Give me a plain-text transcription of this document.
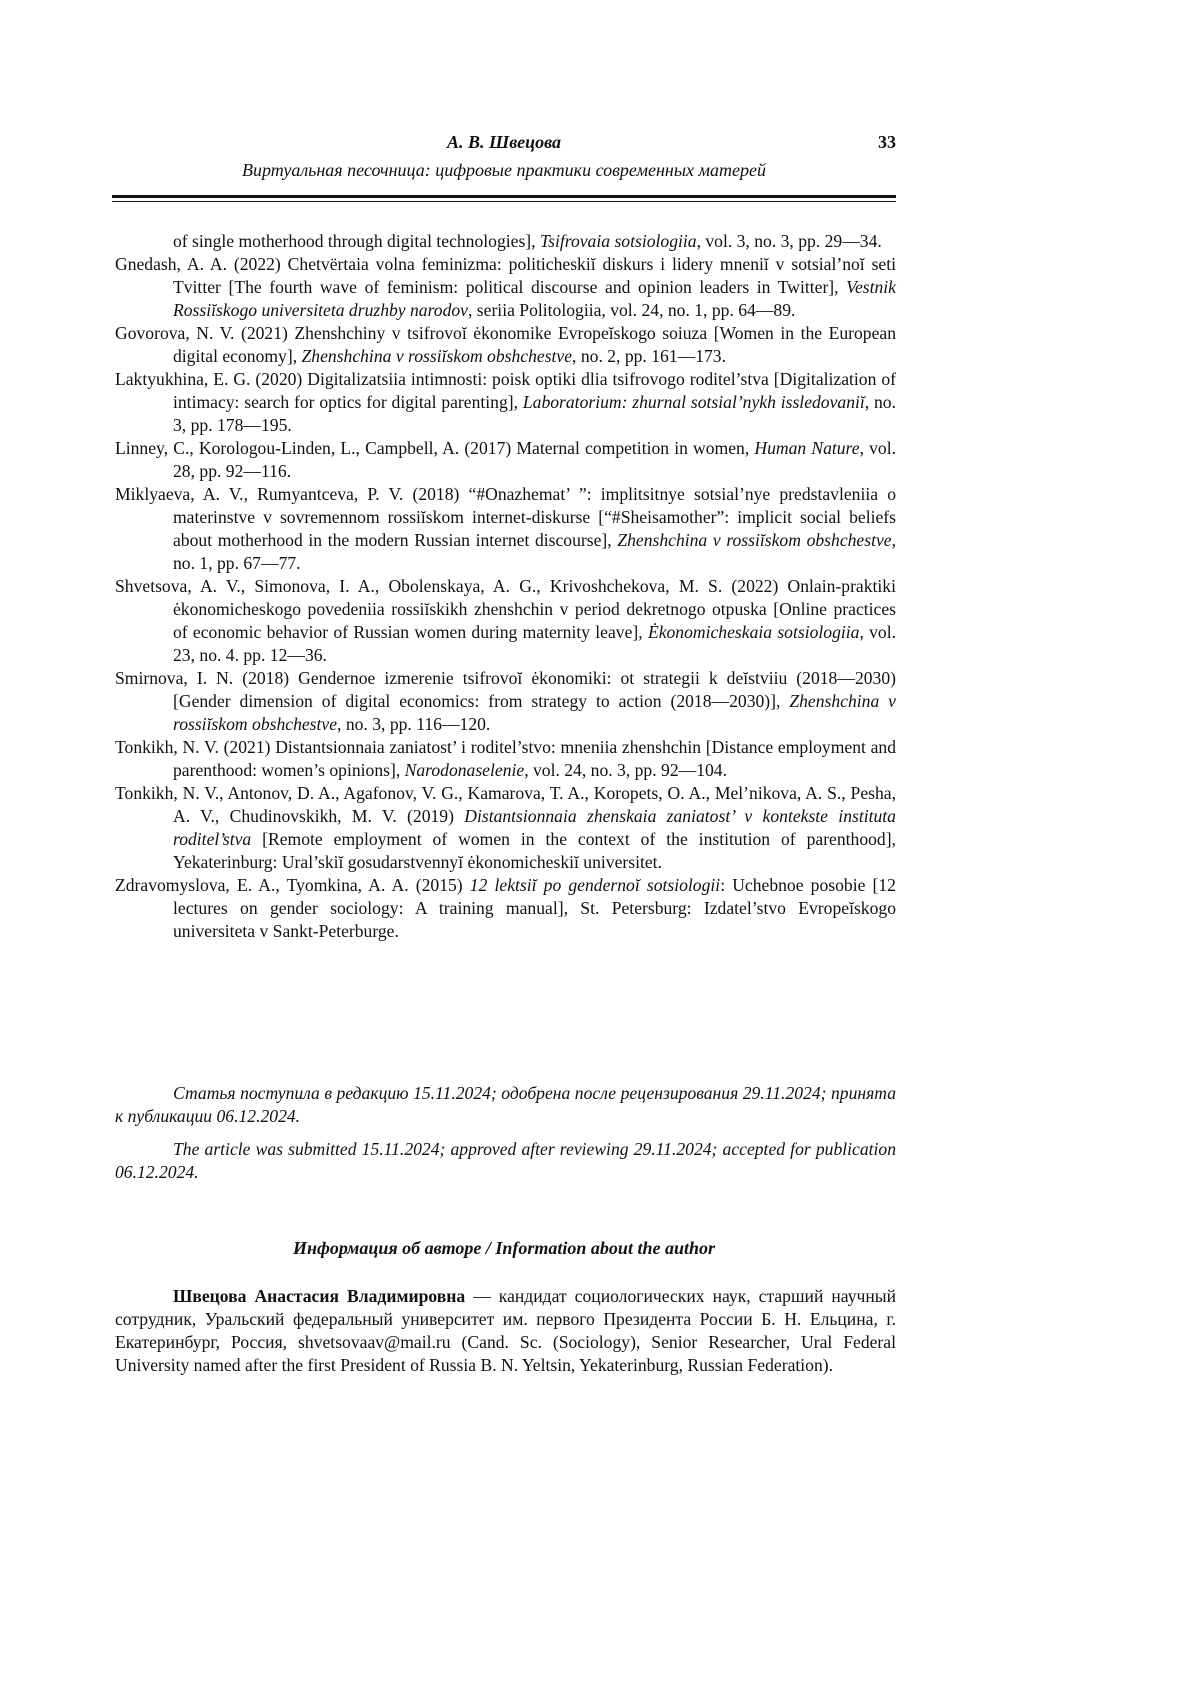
А. В. Швецова
Виртуальная песочница: цифровые практики современных матерей
33

of single motherhood through digital technologies], Tsifrovaia sotsiologiia, vol. 3, no. 3, pp. 29—34.

Gnedash, A. A. (2022) Chetvërtaia volna feminizma: politicheskiĭ diskurs i lidery mneniĭ v sotsial’noĭ seti Tvitter [The fourth wave of feminism: political discourse and opinion leaders in Twitter], Vestnik Rossiĭskogo universiteta druzhby narodov, seriia Politologiia, vol. 24, no. 1, pp. 64—89.

Govorova, N. V. (2021) Zhenshchiny v tsifrovoĭ ėkonomike Evropeĭskogo soiuza [Women in the European digital economy], Zhenshchina v rossiĭskom obshchestve, no. 2, pp. 161—173.

Laktyukhina, E. G. (2020) Digitalizatsiia intimnosti: poisk optiki dlia tsifrovogo roditel’stva [Digitalization of intimacy: search for optics for digital parenting], Laboratorium: zhurnal sotsial’nykh issledovaniĭ, no. 3, pp. 178—195.

Linney, C., Korologou-Linden, L., Campbell, A. (2017) Maternal competition in women, Human Nature, vol. 28, pp. 92—116.

Miklyaeva, A. V., Rumyantceva, P. V. (2018) “#Onazhemat’ ”: implitsitnye sotsial’nye predstavleniia o materinstve v sovremennom rossiĭskom internet-diskurse [“#Sheisamother”: implicit social beliefs about motherhood in the modern Russian internet discourse], Zhenshchina v rossiĭskom obshchestve, no. 1, pp. 67—77.

Shvetsova, A. V., Simonova, I. A., Obolenskaya, A. G., Krivoshchekova, M. S. (2022) Onlain-praktiki ėkonomicheskogo povedeniia rossiĭskikh zhenshchin v period dekretnogo otpuska [Online practices of economic behavior of Russian women during maternity leave], Ėkonomicheskaia sotsiologiia, vol. 23, no. 4. pp. 12—36.

Smirnova, I. N. (2018) Gendernoe izmerenie tsifrovoĭ ėkonomiki: ot strategii k deĭstviiu (2018—2030) [Gender dimension of digital economics: from strategy to action (2018—2030)], Zhenshchina v rossiĭskom obshchestve, no. 3, pp. 116—120.

Tonkikh, N. V. (2021) Distantsionnaia zaniatost’ i roditel’stvo: mneniia zhenshchin [Distance employment and parenthood: women’s opinions], Narodonaselenie, vol. 24, no. 3, pp. 92—104.

Tonkikh, N. V., Antonov, D. A., Agafonov, V. G., Kamarova, T. A., Koropets, O. A., Mel’nikova, A. S., Pesha, A. V., Chudinovskikh, M. V. (2019) Distantsionnaia zhenskaia zaniatost’ v kontekste instituta roditel’stva [Remote employment of women in the context of the institution of parenthood], Yekaterinburg: Ural’skiĭ gosudarstvennyĭ ėkonomicheskiĭ universitet.

Zdravomyslova, E. A., Tyomkina, A. A. (2015) 12 lektsiĭ po gendernoĭ sotsiologii: Uchebnoe posobie [12 lectures on gender sociology: A training manual], St. Petersburg: Izdatel’stvo Evropeĭskogo universiteta v Sankt-Peterburge.

Статья поступила в редакцию 15.11.2024; одобрена после рецензирования 29.11.2024; принята к публикации 06.12.2024.

The article was submitted 15.11.2024; approved after reviewing 29.11.2024; accepted for publication 06.12.2024.

Информация об авторе / Information about the author

Швецова Анастасия Владимировна — кандидат социологических наук, старший научный сотрудник, Уральский федеральный университет им. первого Президента России Б. Н. Ельцина, г. Екатеринбург, Россия, shvetsovaav@mail.ru (Cand. Sc. (Sociology), Senior Researcher, Ural Federal University named after the first President of Russia B. N. Yeltsin, Yekaterinburg, Russian Federation).
